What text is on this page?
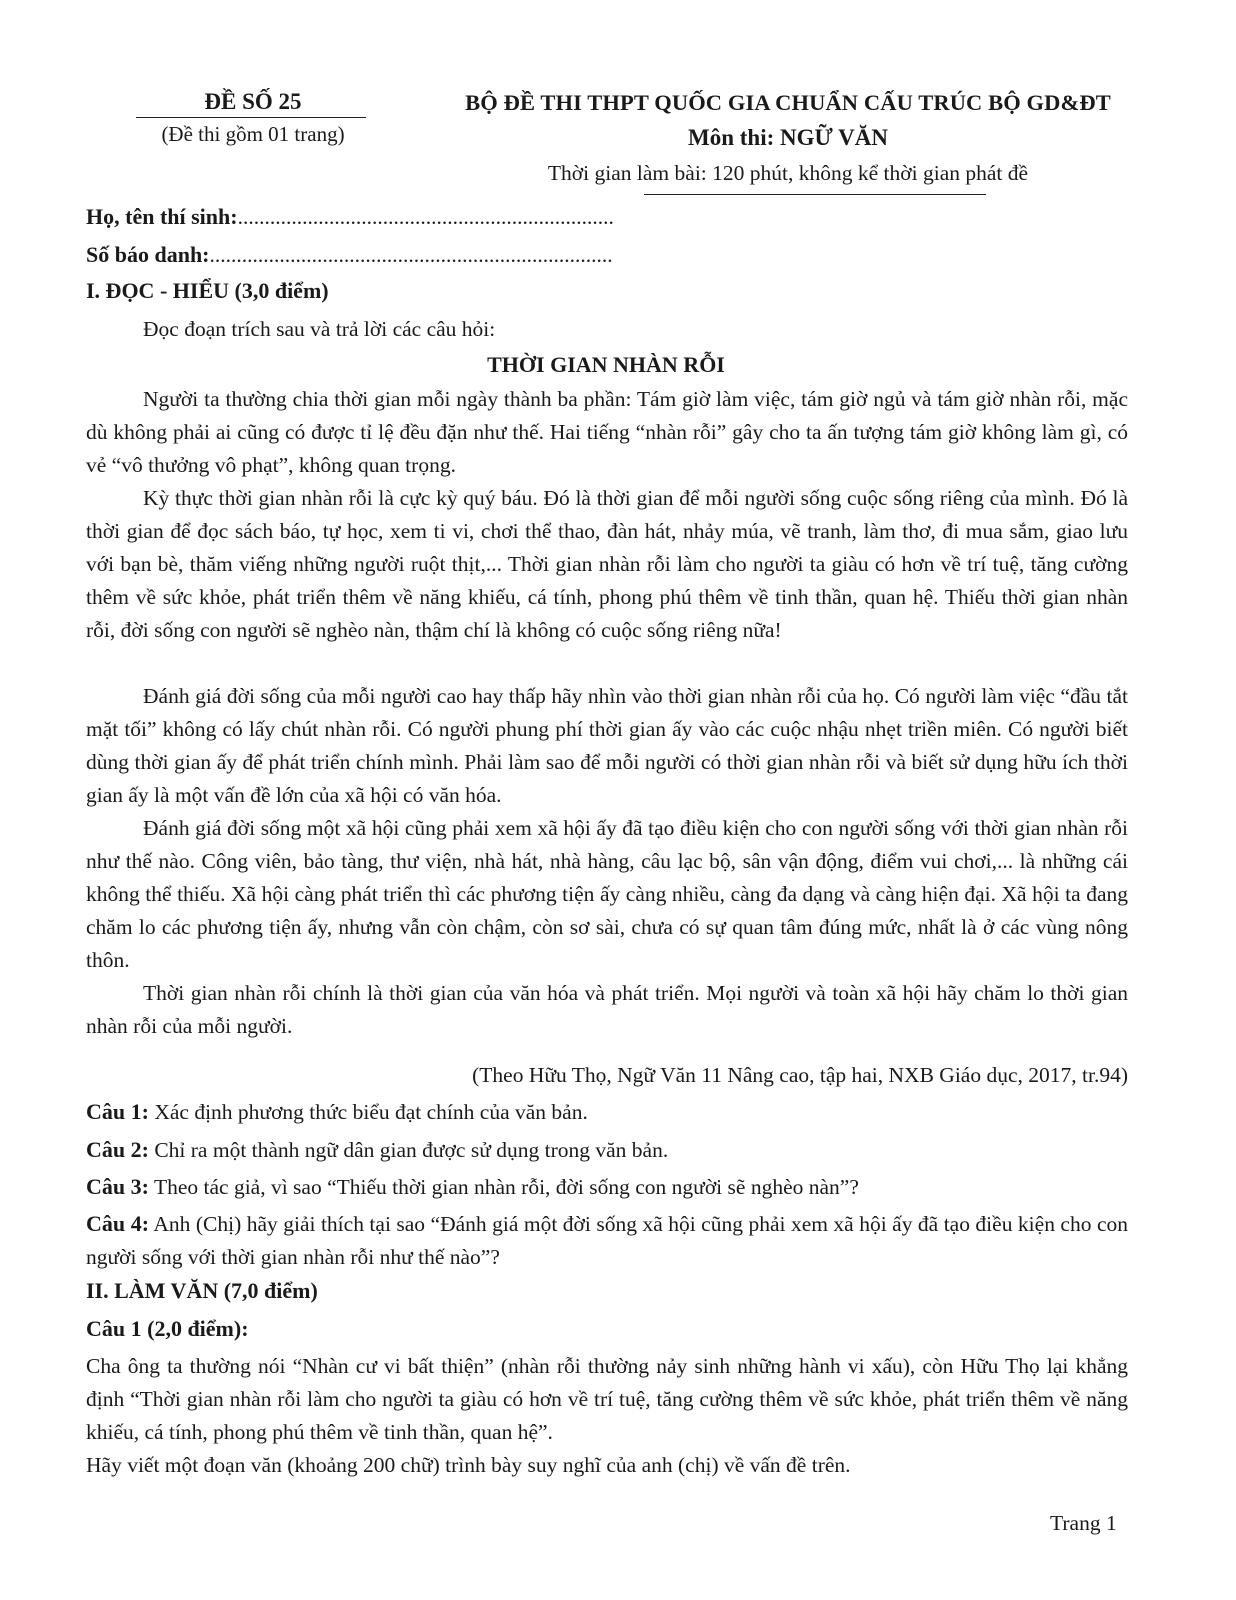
ĐỀ SỐ 25
(Đề thi gồm 01 trang)
BỘ ĐỀ THI THPT QUỐC GIA CHUẨN CẤU TRÚC BỘ GD&ĐT
Môn thi: NGỮ VĂN
Thời gian làm bài: 120 phút, không kể thời gian phát đề
Họ, tên thí sinh:......................................................................
Số báo danh:...........................................................................
I. ĐỌC - HIỂU (3,0 điểm)
Đọc đoạn trích sau và trả lời các câu hỏi:
THỜI GIAN NHÀN RỖI

Người ta thường chia thời gian mỗi ngày thành ba phần: Tám giờ làm việc, tám giờ ngủ và tám giờ nhàn rỗi, mặc dù không phải ai cũng có được tỉ lệ đều đặn như thế. Hai tiếng “nhàn rỗi” gây cho ta ấn tượng tám giờ không làm gì, có vẻ “vô thưởng vô phạt”, không quan trọng.

Kỳ thực thời gian nhàn rỗi là cực kỳ quý báu. Đó là thời gian để mỗi người sống cuộc sống riêng của mình. Đó là thời gian để đọc sách báo, tự học, xem ti vi, chơi thể thao, đàn hát, nhảy múa, vẽ tranh, làm thơ, đi mua sắm, giao lưu với bạn bè, thăm viếng những người ruột thịt,... Thời gian nhàn rỗi làm cho người ta giàu có hơn về trí tuệ, tăng cường thêm về sức khỏe, phát triển thêm về năng khiếu, cá tính, phong phú thêm về tinh thần, quan hệ. Thiếu thời gian nhàn rỗi, đời sống con người sẽ nghèo nàn, thậm chí là không có cuộc sống riêng nữa!

Đánh giá đời sống của mỗi người cao hay thấp hãy nhìn vào thời gian nhàn rỗi của họ. Có người làm việc “đầu tắt mặt tối” không có lấy chút nhàn rỗi. Có người phung phí thời gian ấy vào các cuộc nhậu nhẹt triền miên. Có người biết dùng thời gian ấy để phát triển chính mình. Phải làm sao để mỗi người có thời gian nhàn rỗi và biết sử dụng hữu ích thời gian ấy là một vấn đề lớn của xã hội có văn hóa.

Đánh giá đời sống một xã hội cũng phải xem xã hội ấy đã tạo điều kiện cho con người sống với thời gian nhàn rỗi như thế nào. Công viên, bảo tàng, thư viện, nhà hát, nhà hàng, câu lạc bộ, sân vận động, điểm vui chơi,... là những cái không thể thiếu. Xã hội càng phát triển thì các phương tiện ấy càng nhiều, càng đa dạng và càng hiện đại. Xã hội ta đang chăm lo các phương tiện ấy, nhưng vẫn còn chậm, còn sơ sài, chưa có sự quan tâm đúng mức, nhất là ở các vùng nông thôn.

Thời gian nhàn rỗi chính là thời gian của văn hóa và phát triển. Mọi người và toàn xã hội hãy chăm lo thời gian nhàn rỗi của mỗi người.

(Theo Hữu Thọ, Ngữ Văn 11 Nâng cao, tập hai, NXB Giáo dục, 2017, tr.94)
Câu 1: Xác định phương thức biểu đạt chính của văn bản.
Câu 2: Chỉ ra một thành ngữ dân gian được sử dụng trong văn bản.
Câu 3: Theo tác giả, vì sao “Thiếu thời gian nhàn rỗi, đời sống con người sẽ nghèo nàn”?
Câu 4: Anh (Chị) hãy giải thích tại sao “Đánh giá một đời sống xã hội cũng phải xem xã hội ấy đã tạo điều kiện cho con người sống với thời gian nhàn rỗi như thế nào”?
II. LÀM VĂN (7,0 điểm)
Câu 1 (2,0 điểm):
Cha ông ta thường nói “Nhàn cư vi bất thiện” (nhàn rỗi thường nảy sinh những hành vi xấu), còn Hữu Thọ lại khẳng định “Thời gian nhàn rỗi làm cho người ta giàu có hơn về trí tuệ, tăng cường thêm về sức khỏe, phát triển thêm về năng khiếu, cá tính, phong phú thêm về tinh thần, quan hệ”.
Hãy viết một đoạn văn (khoảng 200 chữ) trình bày suy nghĩ của anh (chị) về vấn đề trên.
Trang 1
